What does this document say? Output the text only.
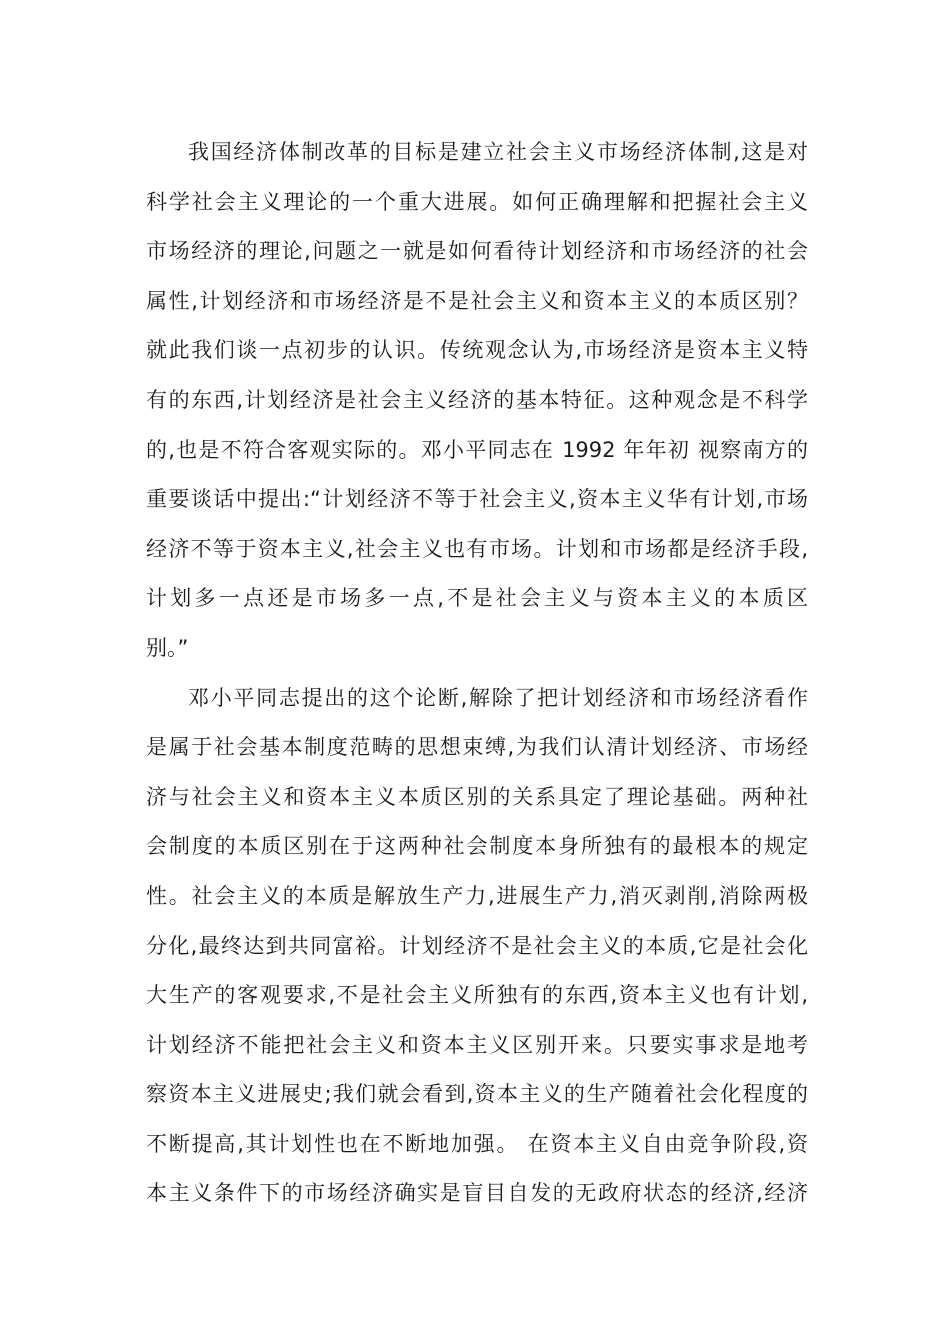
我国经济体制改革的目标是建立社会主义市场经济体制,这是对
科学社会主义理论的一个重大进展。如何正确理解和把握社会主义
市场经济的理论,问题之一就是如何看待计划经济和市场经济的社会
属性,计划经济和市场经济是不是社会主义和资本主义的本质区别？
就此我们谈一点初步的认识。传统观念认为,市场经济是资本主义特
有的东西,计划经济是社会主义经济的基本特征。这种观念是不科学
的,也是不符合客观实际的。邓小平同志在 1992 年年初 视察南方的
重要谈话中提出:“计划经济不等于社会主义,资本主义华有计划,市场
经济不等于资本主义,社会主义也有市场。计划和市场都是经济手段,
计划多一点还是市场多一点,不是社会主义与资本主义的本质区
别。”
邓小平同志提出的这个论断,解除了把计划经济和市场经济看作
是属于社会基本制度范畴的思想束缚,为我们认清计划经济、市场经
济与社会主义和资本主义本质区别的关系具定了理论基础。两种社
会制度的本质区别在于这两种社会制度本身所独有的最根本的规定
性。社会主义的本质是解放生产力,进展生产力,消灭剥削,消除两极
分化,最终达到共同富裕。计划经济不是社会主义的本质,它是社会化
大生产的客观要求,不是社会主义所独有的东西,资本主义也有计划,
计划经济不能把社会主义和资本主义区别开来。只要实事求是地考
察资本主义进展史;我们就会看到,资本主义的生产随着社会化程度的
不断提高,其计划性也在不断地加强。 在资本主义自由竞争阶段,资
本主义条件下的市场经济确实是盲目自发的无政府状态的经济,经济
